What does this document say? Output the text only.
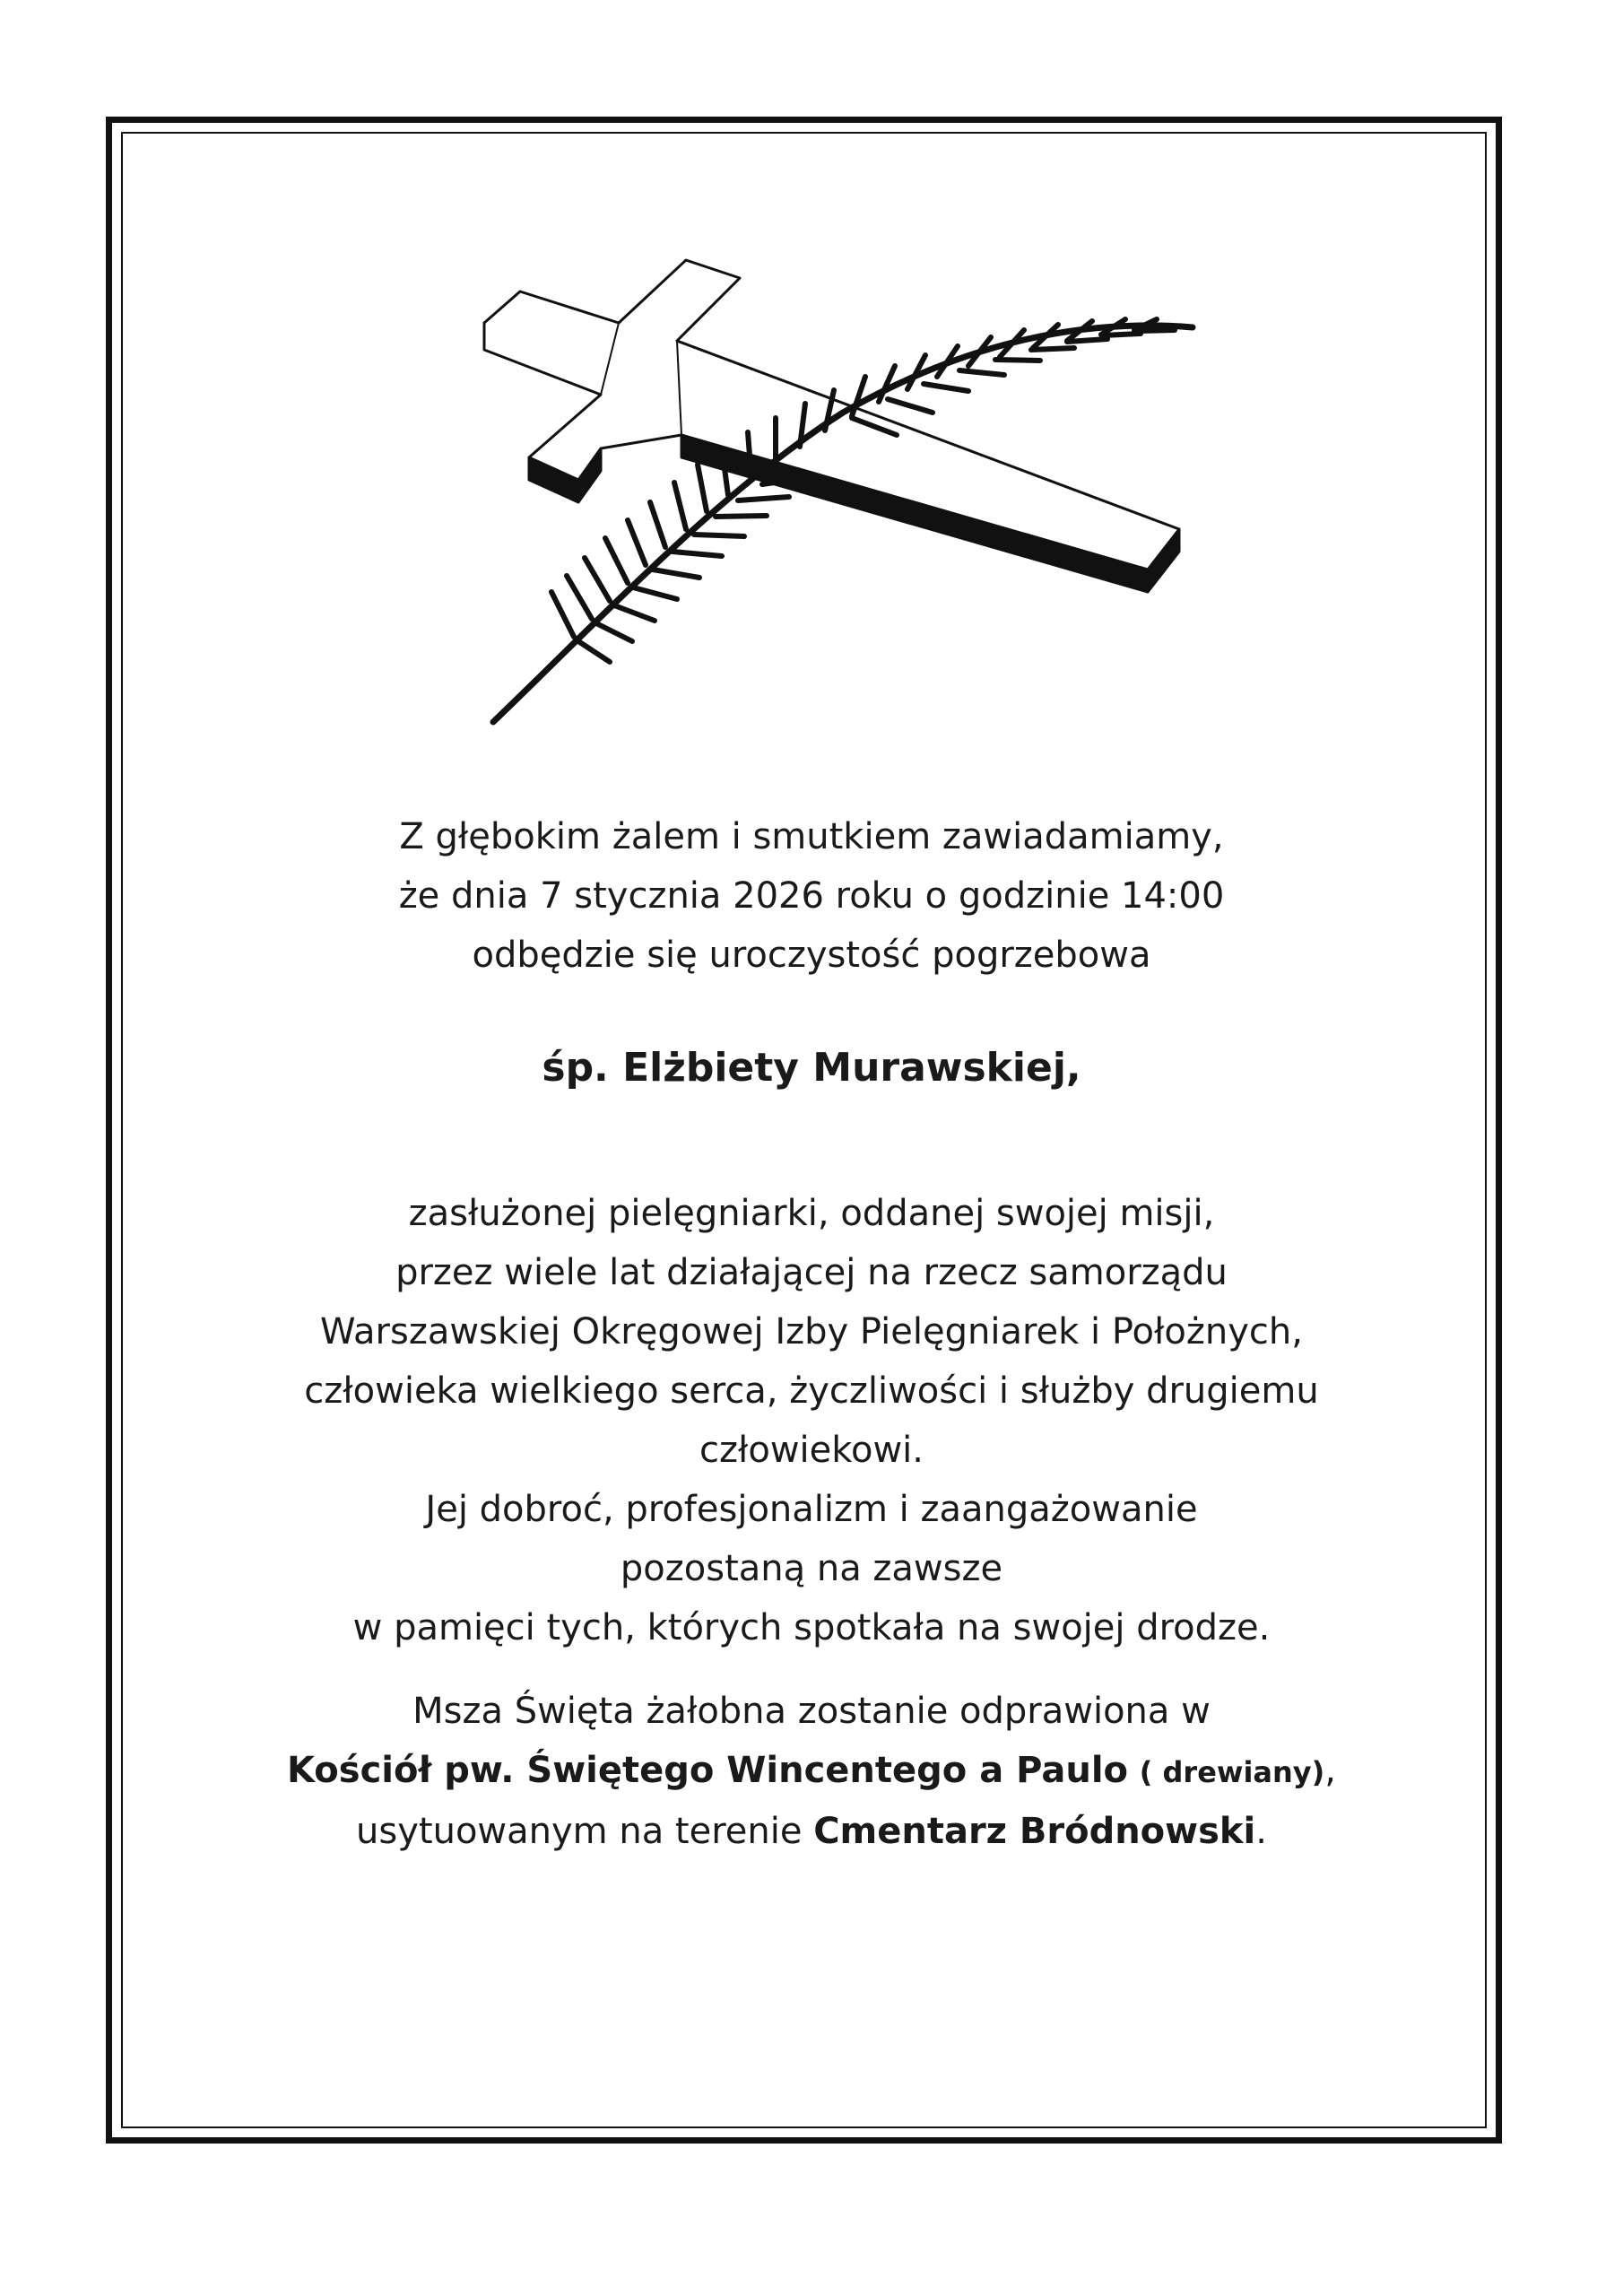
Z głębokim żalem i smutkiem zawiadamiamy,

że dnia 7 stycznia 2026 roku o godzinie 14:00

odbędzie się uroczystość pogrzebowa

śp. Elżbiety Murawskiej,

zasłużonej pielęgniarki, oddanej swojej misji,

przez wiele lat działającej na rzecz samorządu

Warszawskiej Okręgowej Izby Pielęgniarek i Położnych,

człowieka wielkiego serca, życzliwości i służby drugiemu

człowiekowi.

Jej dobroć, profesjonalizm i zaangażowanie

pozostaną na zawsze

w pamięci tych, których spotkała na swojej drodze.

Msza Święta żałobna zostanie odprawiona w

Kościół pw. Świętego Wincentego a Paulo ( drewiany),

usytuowanym na terenie Cmentarz Bródnowski.
